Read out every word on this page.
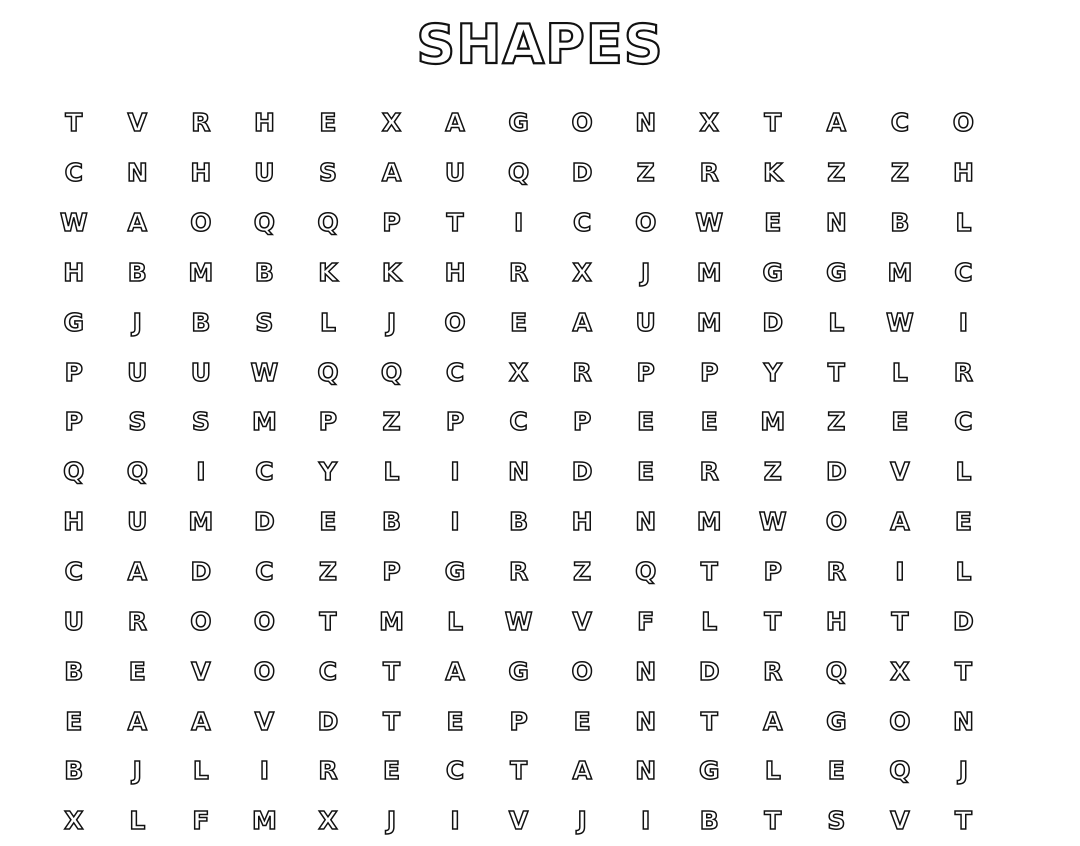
SHAPES
T	V	R	H	E	X	A	G	O	N	X	T	A	C	O
C	N	H	U	S	A	U	Q	D	Z	R	K	Z	Z	H
W	A	O	Q	Q	P	T	I	C	O	W	E	N	B	L
H	B	M	B	K	K	H	R	X	J	M	G	G	M	C
G	J	B	S	L	J	O	E	A	U	M	D	L	W	I
P	U	U	W	Q	Q	C	X	R	P	P	Y	T	L	R
P	S	S	M	P	Z	P	C	P	E	E	M	Z	E	C
Q	Q	I	C	Y	L	I	N	D	E	R	Z	D	V	L
H	U	M	D	E	B	I	B	H	N	M	W	O	A	E
C	A	D	C	Z	P	G	R	Z	Q	T	P	R	I	L
U	R	O	O	T	M	L	W	V	F	L	T	H	T	D
B	E	V	O	C	T	A	G	O	N	D	R	Q	X	T
E	A	A	V	D	T	E	P	E	N	T	A	G	O	N
B	J	L	I	R	E	C	T	A	N	G	L	E	Q	J
X	L	F	M	X	J	I	V	J	I	B	T	S	V	T
